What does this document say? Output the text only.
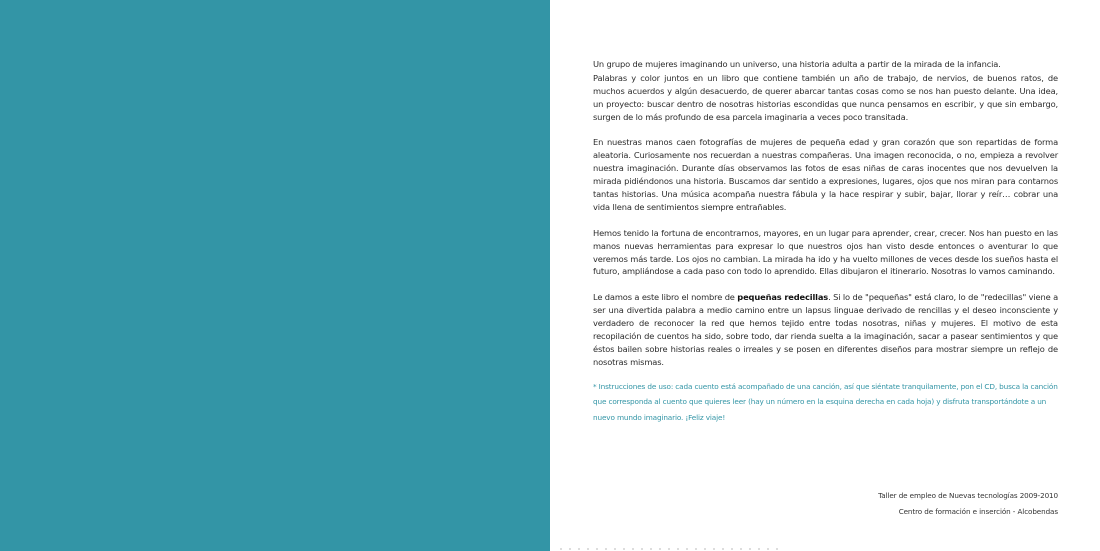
Un grupo de mujeres imaginando un universo, una historia adulta a partir de la mirada de la infancia.

Palabras y color juntos en un libro que contiene también un año de trabajo, de nervios, de buenos ratos, de muchos acuerdos y algún desacuerdo, de querer abarcar tantas cosas como se nos han puesto delante. Una idea, un proyecto: buscar dentro de nosotras historias escondidas que nunca pensamos en escribir, y que sin embargo, surgen de lo más profundo de esa parcela imaginaria a veces poco transitada.

En nuestras manos caen fotografías de mujeres de pequeña edad y gran corazón que son repartidas de forma aleatoria. Curiosamente nos recuerdan a nuestras compañeras. Una imagen reconocida, o no, empieza a revolver nuestra imaginación. Durante días observamos las fotos de esas niñas de caras inocentes que nos devuelven la mirada pidiéndonos una historia. Buscamos dar sentido a expresiones, lugares, ojos que nos miran para contarnos tantas historias. Una música acompaña nuestra fábula y la hace respirar y subir, bajar, llorar y reír… cobrar una vida llena de sentimientos siempre entrañables.

Hemos tenido la fortuna de encontrarnos, mayores, en un lugar para aprender, crear, crecer. Nos han puesto en las manos nuevas herramientas para expresar lo que nuestros ojos han visto desde entonces o aventurar lo que veremos más tarde. Los ojos no cambian. La mirada ha ido y ha vuelto millones de veces desde los sueños hasta el futuro, ampliándose a cada paso con todo lo aprendido. Ellas dibujaron el itinerario. Nosotras lo vamos caminando.

Le damos a este libro el nombre de pequeñas redecillas. Si lo de "pequeñas" está claro, lo de "redecillas" viene a ser una divertida palabra a medio camino entre un lapsus linguae derivado de rencillas y el deseo inconsciente y verdadero de reconocer la red que hemos tejido entre todas nosotras, niñas y mujeres. El motivo de esta recopilación de cuentos ha sido, sobre todo, dar rienda suelta a la imaginación, sacar a pasear sentimientos y que éstos bailen sobre historias reales o irreales y se posen en diferentes diseños para mostrar siempre un reflejo de nosotras mismas.

* Instrucciones de uso: cada cuento está acompañado de una canción, así que siéntate tranquilamente, pon el CD, busca la canción que corresponda al cuento que quieres leer (hay un número en la esquina derecha en cada hoja) y disfruta transportándote a un nuevo mundo imaginario. ¡Feliz viaje!

Taller de empleo de Nuevas tecnologías 2009-2010
Centro de formación e inserción - Alcobendas
